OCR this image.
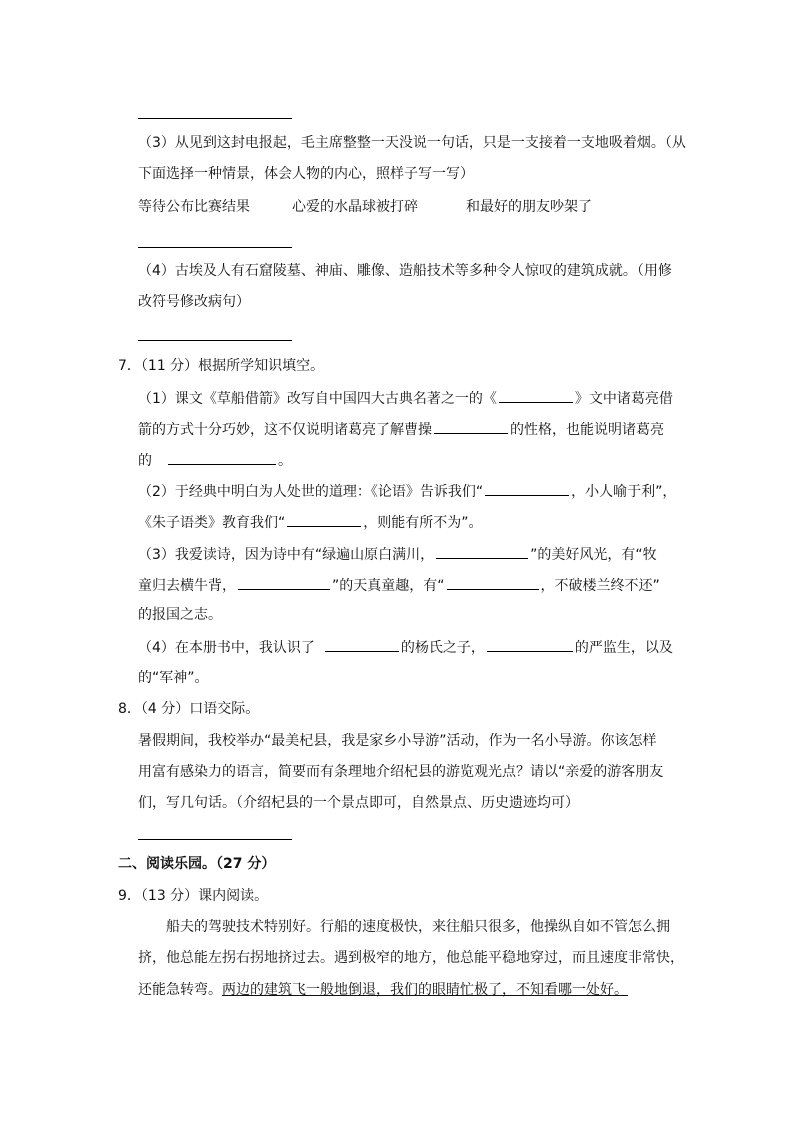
（3）从见到这封电报起，毛主席整整一天没说一句话，只是一支接着一支地吸着烟。（从
下面选择一种情景，体会人物的内心，照样子写一写）
等待公布比赛结果	心爱的水晶球被打碎	和最好的朋友吵架了
（4）古埃及人有石窟陵墓、神庙、雕像、造船技术等多种令人惊叹的建筑成就。（用修
改符号修改病句）
7．（11 分）根据所学知识填空。
（1）课文《草船借箭》改写自中国四大古典名著之一的《	》文中诸葛亮借
箭的方式十分巧妙，这不仅说明诸葛亮了解曹操	的性格，也能说明诸葛亮
的	。
（2）于经典中明白为人处世的道理：《论语》告诉我们“	，小人喻于利”，
《朱子语类》教育我们“	，则能有所不为”。
（3）我爱读诗，因为诗中有“绿遍山原白满川，	”的美好风光，有“牧
童归去横牛背，	”的天真童趣，有“	，不破楼兰终不还”
的报国之志。
（4）在本册书中，我认识了	的杨氏之子，	的严监生，以及
的“军神”。
8．（4 分）口语交际。
暑假期间，我校举办“最美杞县，我是家乡小导游”活动，作为一名小导游。你该怎样
用富有感染力的语言，简要而有条理地介绍杞县的游览观光点？请以“亲爱的游客朋友
们，写几句话。（介绍杞县的一个景点即可，自然景点、历史遗迹均可）
二、阅读乐园。（27 分）
9．（13 分）课内阅读。
船夫的驾驶技术特别好。行船的速度极快，来往船只很多，他操纵自如不管怎么拥
挤，他总能左拐右拐地挤过去。遇到极窄的地方，他总能平稳地穿过，而且速度非常快，
还能急转弯。两边的建筑飞一般地倒退，我们的眼睛忙极了，不知看哪一处好。
